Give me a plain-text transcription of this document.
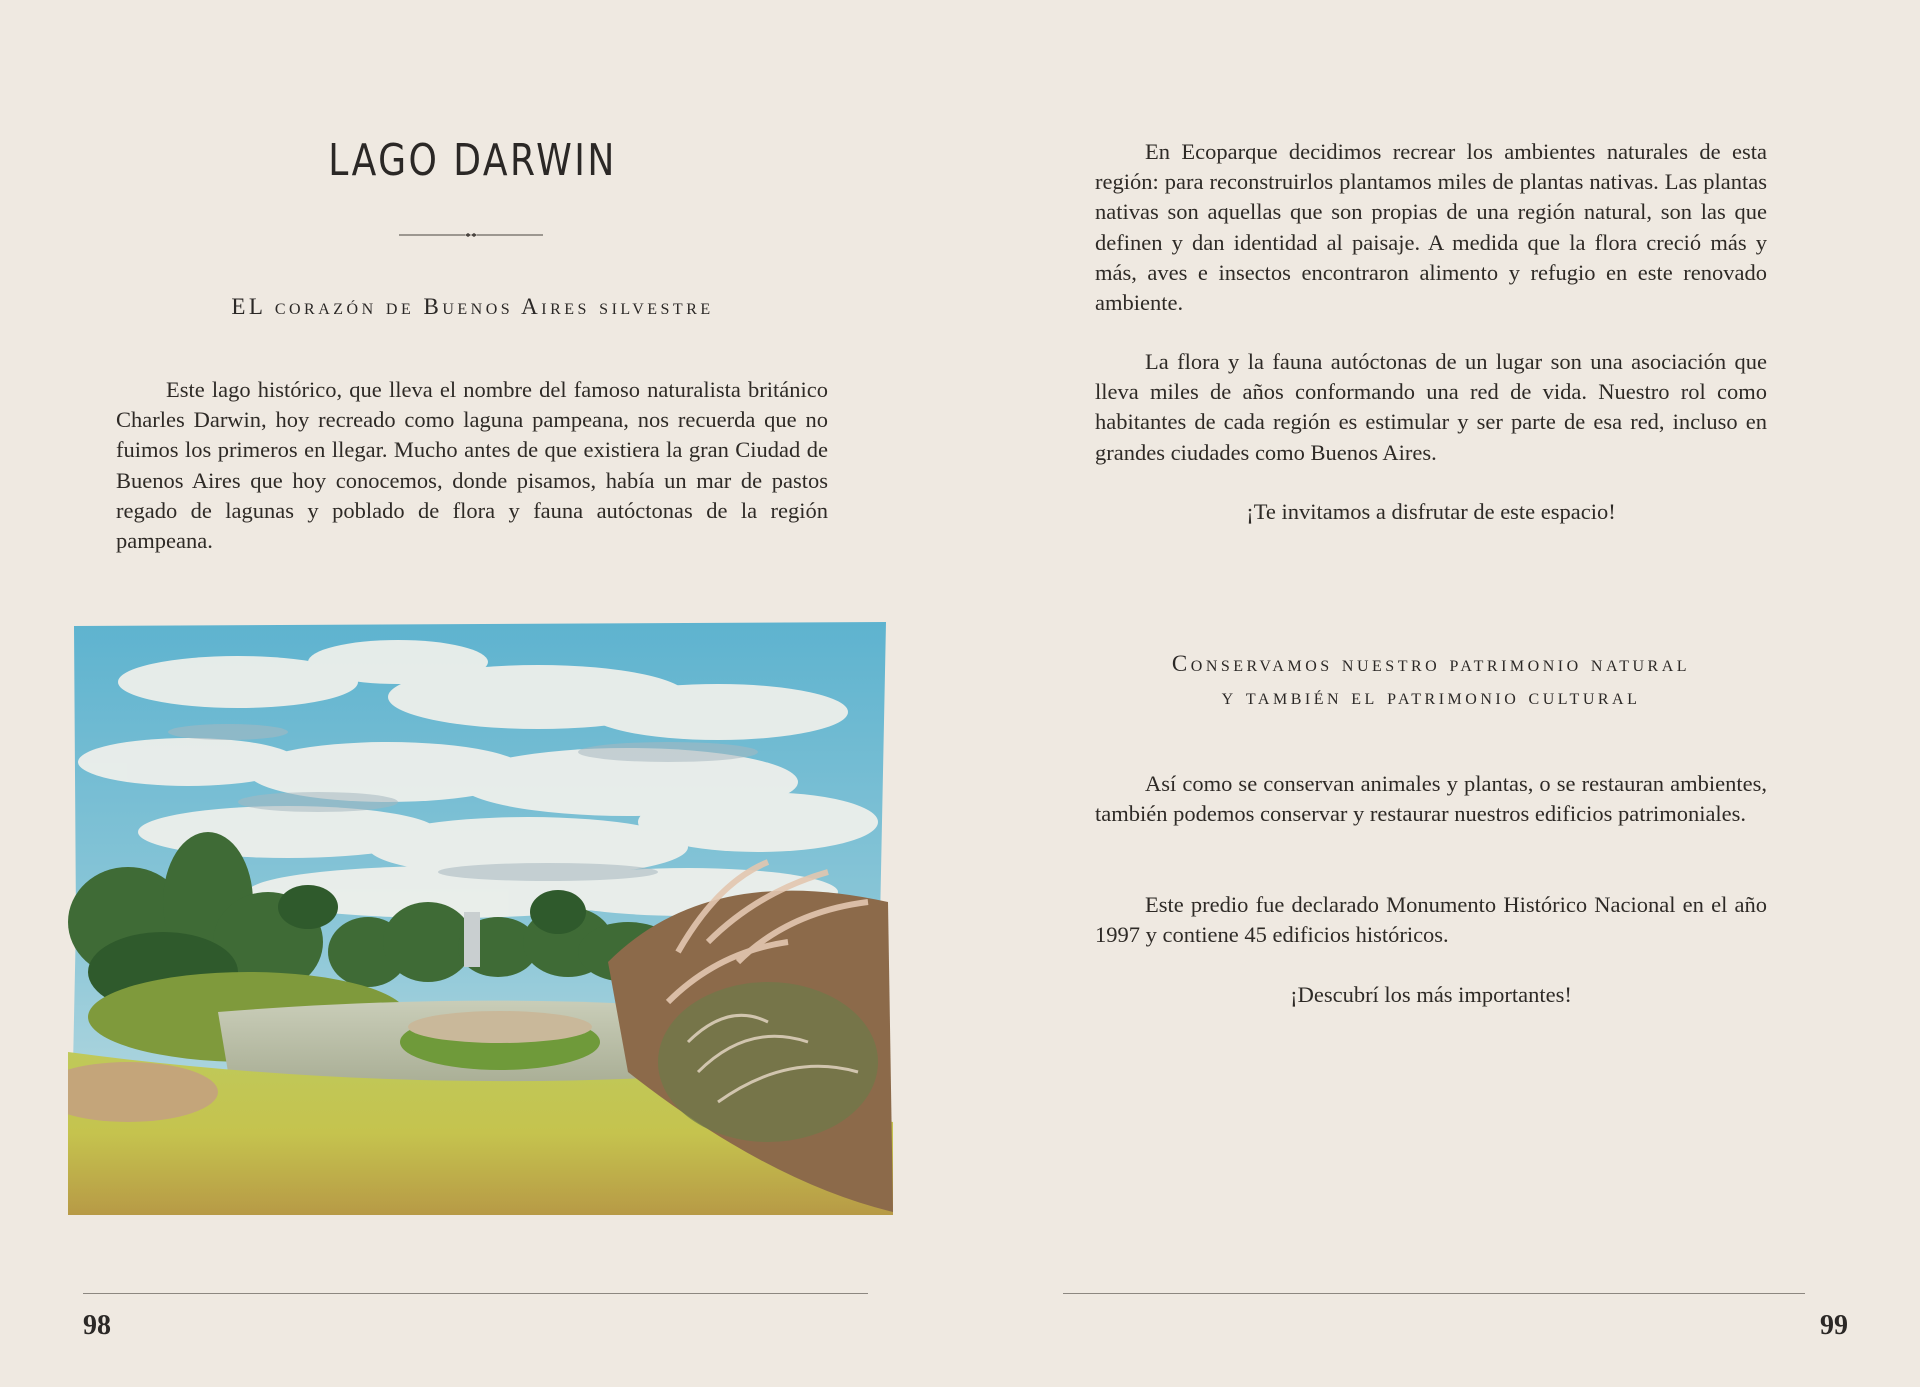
LAGO DARWIN

EL corazón de Buenos Aires silvestre

Este lago histórico, que lleva el nombre del famoso naturalista británico Charles Darwin, hoy recreado como laguna pampeana, nos recuerda que no fuimos los primeros en llegar. Mucho antes de que existiera la gran Ciudad de Buenos Aires que hoy conocemos, donde pisamos, había un mar de pastos regado de lagunas y poblado de flora y fauna autóctonas de la región pampeana.

98

En Ecoparque decidimos recrear los ambientes naturales de esta región: para reconstruirlos plantamos miles de plantas nativas. Las plantas nativas son aquellas que son propias de una región natural, son las que definen y dan identidad al paisaje. A medida que la flora creció más y más, aves e insectos encontraron alimento y refugio en este renovado ambiente.

La flora y la fauna autóctonas de un lugar son una asociación que lleva miles de años conformando una red de vida. Nuestro rol como habitantes de cada región es estimular y ser parte de esa red, incluso en grandes ciudades como Buenos Aires.

¡Te invitamos a disfrutar de este espacio!

Conservamos nuestro patrimonio natural
y también el patrimonio cultural

Así como se conservan animales y plantas, o se restauran ambientes, también podemos conservar y restaurar nuestros edificios patrimoniales.

Este predio fue declarado Monumento Histórico Nacional en el año 1997 y contiene 45 edificios históricos.

¡Descubrí los más importantes!

99
